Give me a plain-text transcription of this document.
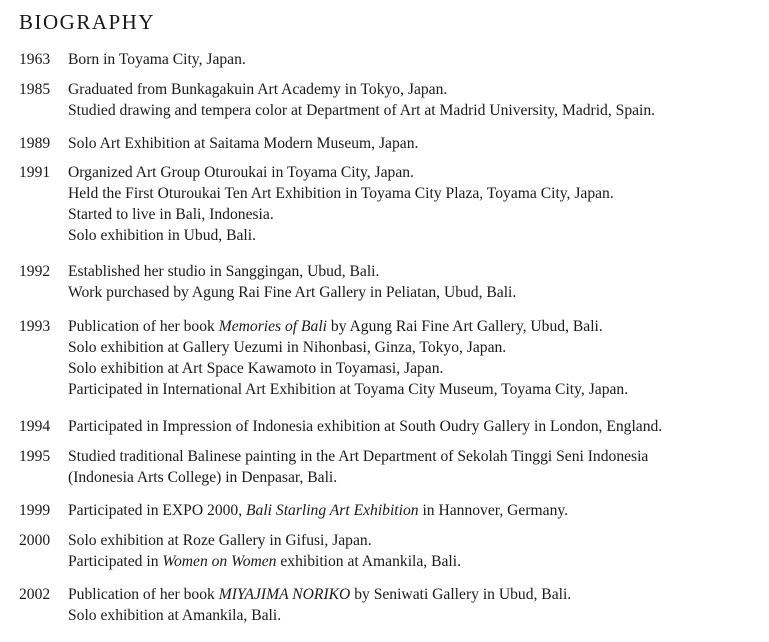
BIOGRAPHY
1963 Born in Toyama City, Japan.
1985 Graduated from Bunkagakuin Art Academy in Tokyo, Japan.
Studied drawing and tempera color at Department of Art at Madrid University, Madrid, Spain.
1989 Solo Art Exhibition at Saitama Modern Museum, Japan.
1991 Organized Art Group Oturoukai in Toyama City, Japan.
Held the First Oturoukai Ten Art Exhibition in Toyama City Plaza, Toyama City, Japan.
Started to live in Bali, Indonesia.
Solo exhibition in Ubud, Bali.
1992 Established her studio in Sanggingan, Ubud, Bali.
Work purchased by Agung Rai Fine Art Gallery in Peliatan, Ubud, Bali.
1993 Publication of her book Memories of Bali by Agung Rai Fine Art Gallery, Ubud, Bali.
Solo exhibition at Gallery Uezumi in Nihonbasi, Ginza, Tokyo, Japan.
Solo exhibition at Art Space Kawamoto in Toyamasi, Japan.
Participated in International Art Exhibition at Toyama City Museum, Toyama City, Japan.
1994 Participated in Impression of Indonesia exhibition at South Oudry Gallery in London, England.
1995 Studied traditional Balinese painting in the Art Department of Sekolah Tinggi Seni Indonesia
(Indonesia Arts College) in Denpasar, Bali.
1999 Participated in EXPO 2000, Bali Starling Art Exhibition in Hannover, Germany.
2000 Solo exhibition at Roze Gallery in Gifusi, Japan.
Participated in Women on Women exhibition at Amankila, Bali.
2002 Publication of her book MIYAJIMA NORIKO by Seniwati Gallery in Ubud, Bali.
Solo exhibition at Amankila, Bali.
